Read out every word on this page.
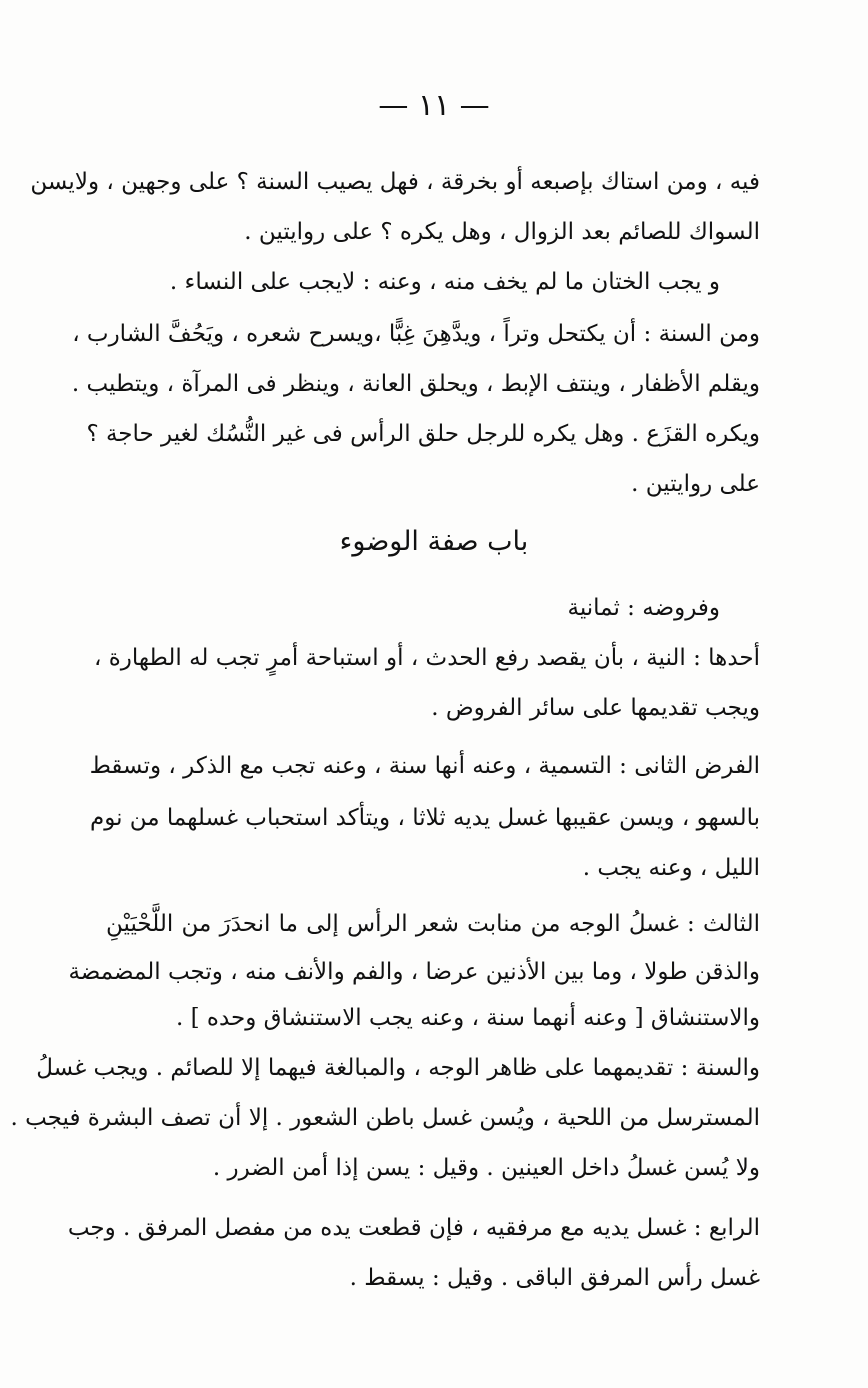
— ١١ —
فيه ، ومن استاك بإصبعه أو بخرقة ، فهل يصيب السنة ؟ على وجهين ، ولايسن
السواك للصائم بعد الزوال ، وهل يكره ؟ على روايتين .
و يجب الختان ما لم يخف منه ، وعنه : لايجب على النساء .
ومن السنة : أن يكتحل وتراً ، ويدَّهِنَ غِبًّا ،ويسرح شعره ، ويَحُفَّ الشارب ،
ويقلم الأظفار ، وينتف الإبط ، ويحلق العانة ، وينظر فى المرآة ، ويتطيب .
ويكره القزَع . وهل يكره للرجل حلق الرأس فى غير النُّسُك لغير حاجة ؟
على روايتين .
باب صفة الوضوء
وفروضه : ثمانية
أحدها : النية ، بأن يقصد رفع الحدث ، أو استباحة أمرٍ تجب له الطهارة ،
ويجب تقديمها على سائر الفروض .
الفرض الثانى : التسمية ، وعنه أنها سنة ، وعنه تجب مع الذكر ، وتسقط
بالسهو ، ويسن عقيبها غسل يديه ثلاثا ، ويتأكد استحباب غسلهما من نوم
الليل ، وعنه يجب .
الثالث : غسلُ الوجه من منابت شعر الرأس إلى ما انحدَرَ من اللَّحْيَيْنِ
والذقن طولا ، وما بين الأذنين عرضا ، والفم والأنف منه ، وتجب المضمضة
والاستنشاق [ وعنه أنهما سنة ، وعنه يجب الاستنشاق وحده ] .
والسنة : تقديمهما على ظاهر الوجه ، والمبالغة فيهما إلا للصائم . ويجب غسلُ
المسترسل من اللحية ، ويُسن غسل باطن الشعور . إلا أن تصف البشرة فيجب .
ولا يُسن غسلُ داخل العينين . وقيل : يسن إذا أمن الضرر .
الرابع : غسل يديه مع مرفقيه ، فإن قطعت يده من مفصل المرفق . وجب
غسل رأس المرفق الباقى . وقيل : يسقط .
